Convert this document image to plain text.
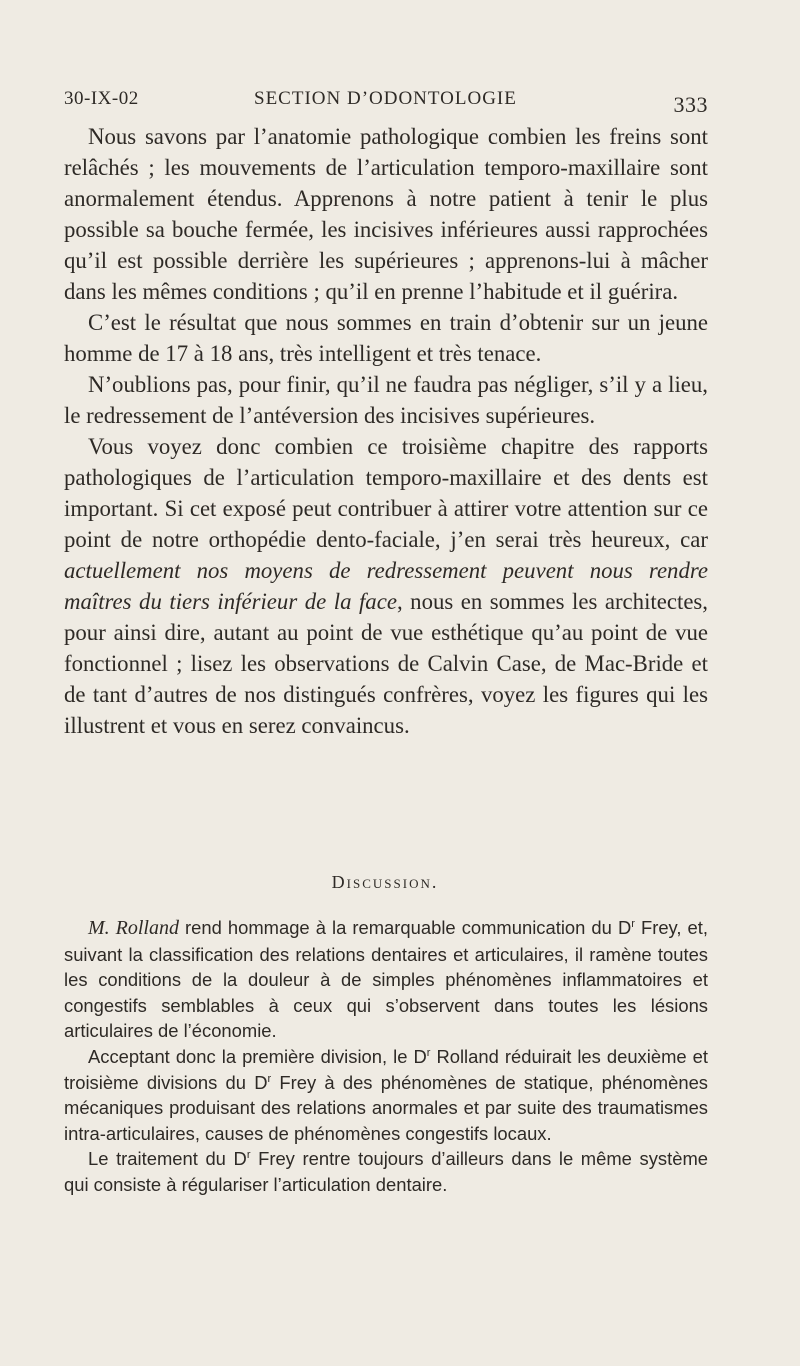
30-IX-02	SECTION D’ODONTOLOGIE	333

Nous savons par l’anatomie pathologique combien les freins sont relâchés ; les mouvements de l’articulation temporo-maxillaire sont anormalement étendus. Apprenons à notre patient à tenir le plus possible sa bouche fermée, les incisives inférieures aussi rapprochées qu’il est possible derrière les supérieures ; apprenons-lui à mâcher dans les mêmes conditions ; qu’il en prenne l’habitude et il guérira.

C’est le résultat que nous sommes en train d’obtenir sur un jeune homme de 17 à 18 ans, très intelligent et très tenace.

N’oublions pas, pour finir, qu’il ne faudra pas négliger, s’il y a lieu, le redressement de l’antéversion des incisives supérieures.

Vous voyez donc combien ce troisième chapitre des rapports pathologiques de l’articulation temporo-maxillaire et des dents est important. Si cet exposé peut contribuer à attirer votre attention sur ce point de notre orthopédie dento-faciale, j’en serai très heureux, car actuellement nos moyens de redressement peuvent nous rendre maîtres du tiers inférieur de la face, nous en sommes les architectes, pour ainsi dire, autant au point de vue esthétique qu’au point de vue fonctionnel ; lisez les observations de Calvin Case, de Mac-Bride et de tant d’autres de nos distingués confrères, voyez les figures qui les illustrent et vous en serez convaincus.

Discussion.

M. Rolland rend hommage à la remarquable communication du $D^r$ Frey, et, suivant la classification des relations dentaires et articulaires, il ramène toutes les conditions de la douleur à de simples phénomènes inflammatoires et congestifs semblables à ceux qui s’observent dans toutes les lésions articulaires de l’économie.

Acceptant donc la première division, le $D^r$ Rolland réduirait les deuxième et troisième divisions du $D^r$ Frey à des phénomènes de statique, phénomènes mécaniques produisant des relations anormales et par suite des traumatismes intra-articulaires, causes de phénomènes congestifs locaux.

Le traitement du $D^r$ Frey rentre toujours d’ailleurs dans le même système qui consiste à régulariser l’articulation dentaire.
